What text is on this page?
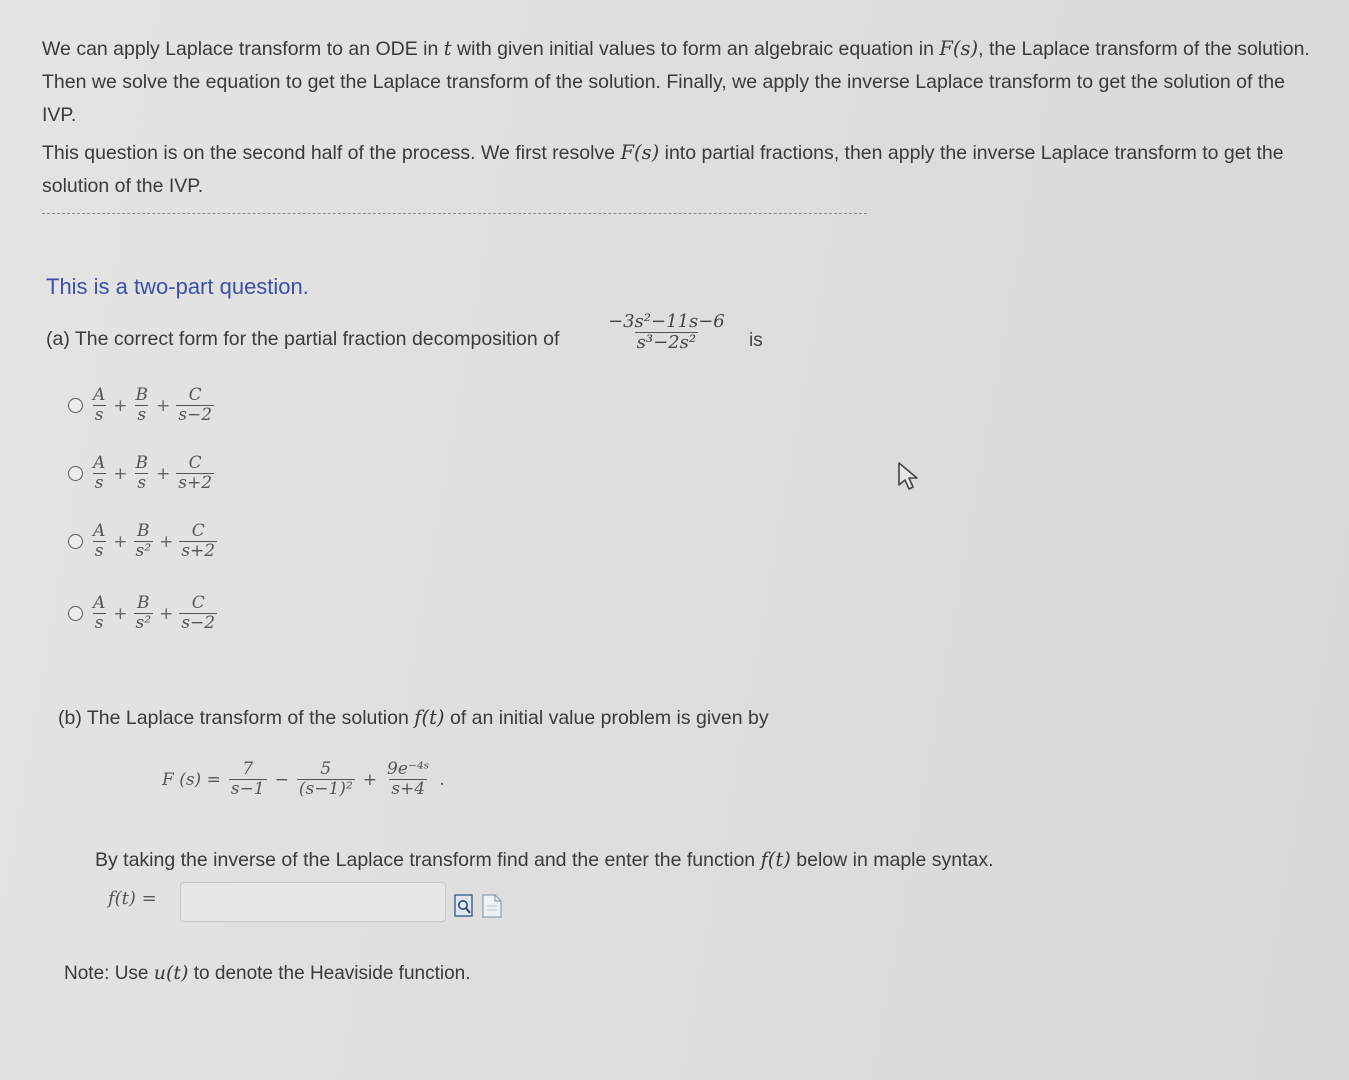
We can apply Laplace transform to an ODE in t with given initial values to form an algebraic equation in F(s), the Laplace transform of the solution. Then we solve the equation to get the Laplace transform of the solution. Finally, we apply the inverse Laplace transform to get the solution of the IVP.

This question is on the second half of the process. We first resolve F(s) into partial fractions, then apply the inverse Laplace transform to get the solution of the IVP.

This is a two-part question.
(a) The correct form for the partial fraction decomposition of	$\frac{\text{−3s²−11s−6}}{\text{s³−2s²}}$ is
$\frac{A}{s} + \frac{B}{s} + \frac{C}{s-2}$
$\frac{A}{s} + \frac{B}{s} + \frac{C}{s+2}$
$\frac{A}{s} + \frac{B}{\text{s²}} + \frac{C}{s+2}$
$\frac{A}{s} + \frac{B}{\text{s²}} + \frac{C}{s-2}$
(b) The Laplace transform of the solution f(t) of an initial value problem is given by
F $(s) = \frac{7}{s-1} - \frac{5}{\text{(s−1)²}} + \frac{\text{9e⁻⁴ˢ}}{s+4}$ .
By taking the inverse of the Laplace transform find and the enter the function f(t) below in maple syntax.
f(t) =
Note: Use u(t) to denote the Heaviside function.
